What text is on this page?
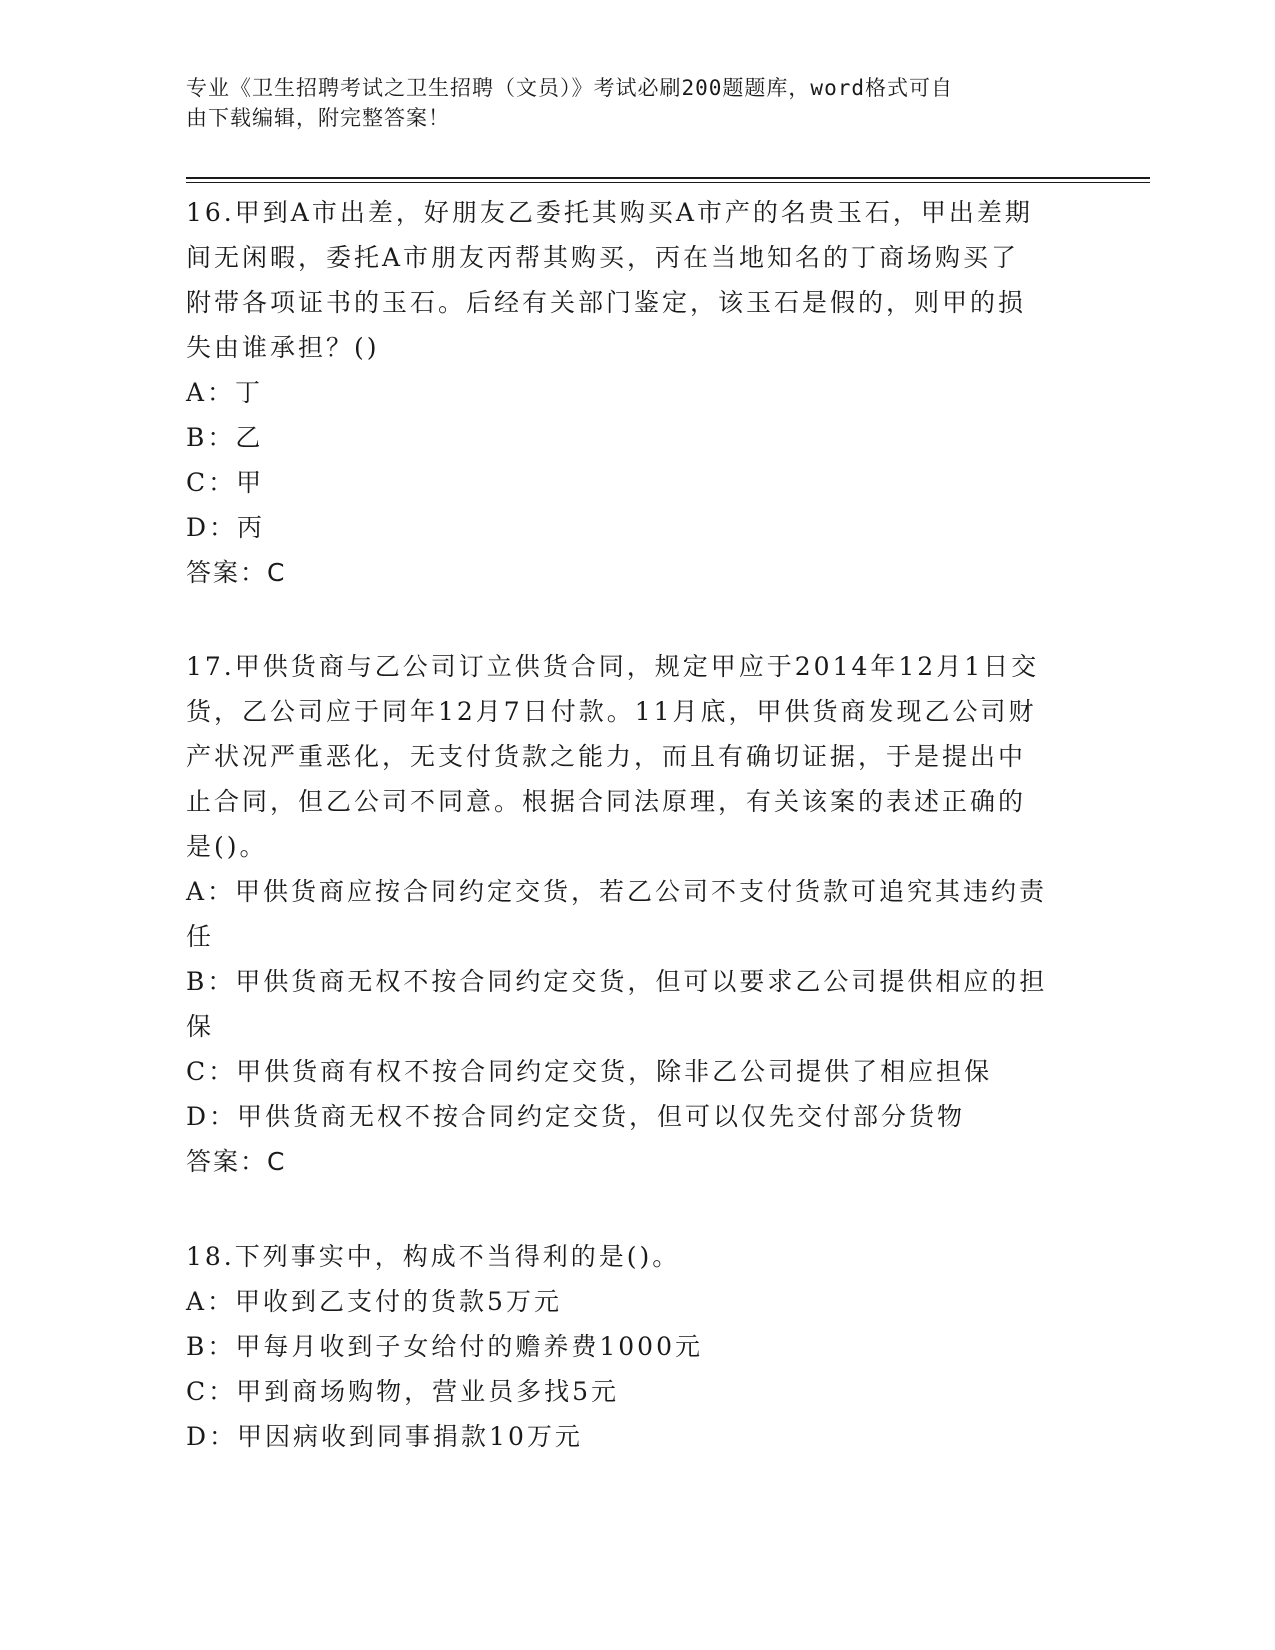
专业《卫生招聘考试之卫生招聘（文员）》考试必刷200题题库，word格式可自
由下载编辑，附完整答案！

16.甲到A市出差，好朋友乙委托其购买A市产的名贵玉石，甲出差期

间无闲暇，委托A市朋友丙帮其购买，丙在当地知名的丁商场购买了

附带各项证书的玉石。后经有关部门鉴定，该玉石是假的，则甲的损

失由谁承担？()

A：丁

B：乙

C：甲

D：丙

答案：C

17.甲供货商与乙公司订立供货合同，规定甲应于2014年12月1日交

货，乙公司应于同年12月7日付款。11月底，甲供货商发现乙公司财

产状况严重恶化，无支付货款之能力，而且有确切证据，于是提出中

止合同，但乙公司不同意。根据合同法原理，有关该案的表述正确的

是()。

A：甲供货商应按合同约定交货，若乙公司不支付货款可追究其违约责

任

B：甲供货商无权不按合同约定交货，但可以要求乙公司提供相应的担

保

C：甲供货商有权不按合同约定交货，除非乙公司提供了相应担保

D：甲供货商无权不按合同约定交货，但可以仅先交付部分货物

答案：C

18.下列事实中，构成不当得利的是()。

A：甲收到乙支付的货款5万元

B：甲每月收到子女给付的赡养费1000元

C：甲到商场购物，营业员多找5元

D：甲因病收到同事捐款10万元
